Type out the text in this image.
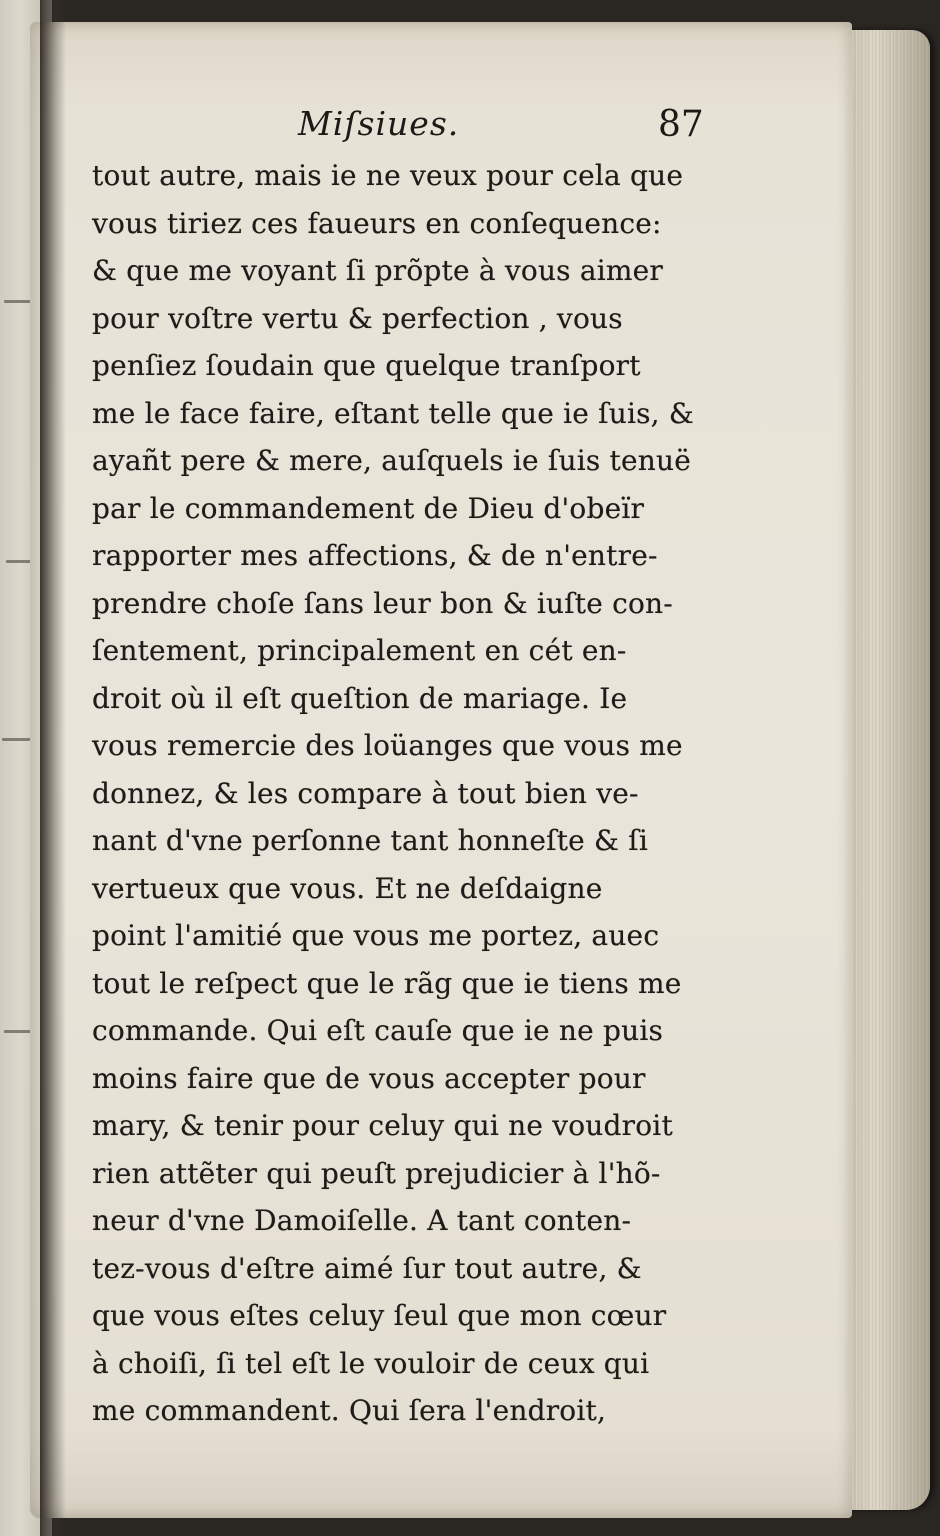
Miſsiues.	87
tout autre, mais ie ne veux pour cela que
vous tiriez ces faueurs en conſequence:
& que me voyant ſi prõpte à vous aimer
pour voſtre vertu & perfection , vous
penſiez ſoudain que quelque tranſport
me le face faire, eſtant telle que ie ſuis, &
ayañt pere & mere, auſquels ie ſuis tenuë
par le commandement de Dieu d'obeïr
rapporter mes affections, & de n'entre-
prendre choſe ſans leur bon & iuſte con-
ſentement, principalement en cét en-
droit où il eſt queſtion de mariage. Ie
vous remercie des loüanges que vous me
donnez, & les compare à tout bien ve-
nant d'vne perſonne tant honneſte & ſi
vertueux que vous. Et ne deſdaigne
point l'amitié que vous me portez, auec
tout le reſpect que le rãg que ie tiens me
commande. Qui eſt cauſe que ie ne puis
moins faire que de vous accepter pour
mary, & tenir pour celuy qui ne voudroit
rien attẽter qui peuſt prejudicier à l'hõ-
neur d'vne Damoiſelle. A tant conten-
tez-vous d'eſtre aimé ſur tout autre, &
que vous eſtes celuy ſeul que mon cœur
à choiſi, ſi tel eſt le vouloir de ceux qui
me commandent. Qui ſera l'endroit,
